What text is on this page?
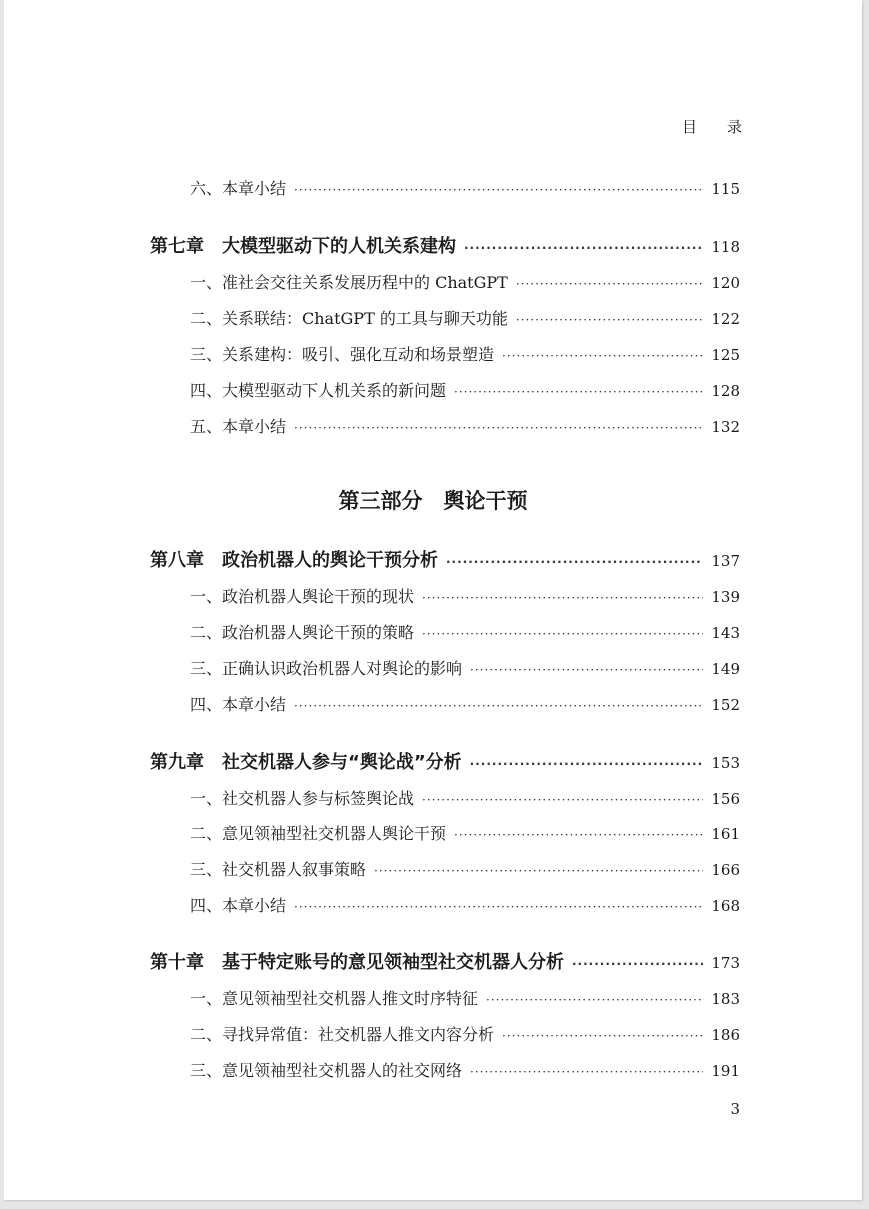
目　　录
六、本章小结 ·····	115
第七章　大模型驱动下的人机关系建构 ·····	118
一、准社会交往关系发展历程中的 ChatGPT ·····	120
二、关系联结：ChatGPT 的工具与聊天功能 ·····	122
三、关系建构：吸引、强化互动和场景塑造 ·····	125
四、大模型驱动下人机关系的新问题 ·····	128
五、本章小结 ·····	132
第三部分　舆论干预
第八章　政治机器人的舆论干预分析 ·····	137
一、政治机器人舆论干预的现状 ·····	139
二、政治机器人舆论干预的策略 ·····	143
三、正确认识政治机器人对舆论的影响 ·····	149
四、本章小结 ·····	152
第九章　社交机器人参与“舆论战”分析 ·····	153
一、社交机器人参与标签舆论战 ·····	156
二、意见领袖型社交机器人舆论干预 ·····	161
三、社交机器人叙事策略 ·····	166
四、本章小结 ·····	168
第十章　基于特定账号的意见领袖型社交机器人分析 ·····	173
一、意见领袖型社交机器人推文时序特征 ·····	183
二、寻找异常值：社交机器人推文内容分析 ·····	186
三、意见领袖型社交机器人的社交网络 ·····	191
3
